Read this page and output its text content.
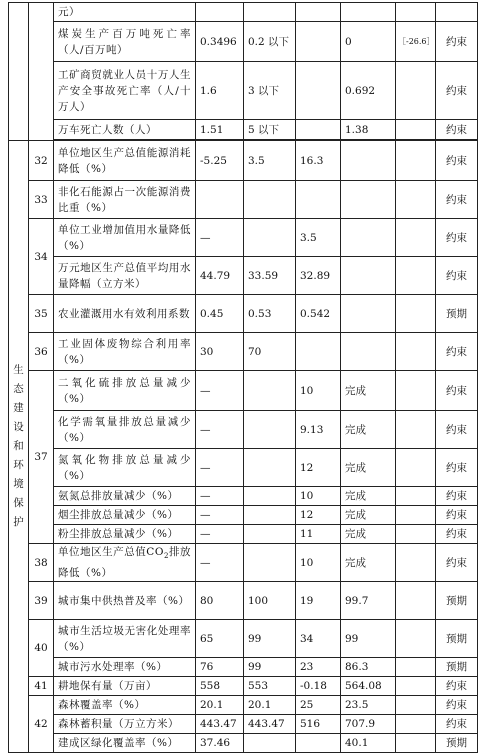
		元）						
		煤炭生产百万吨死亡率（人/百万吨）	0.3496	0.2 以下		0	［-26.6］	约束
		工矿商贸就业人员十万人生产安全事故死亡率（人/十万人）	1.6	3 以下		0.692		约束
		万车死亡人数（人）	1.51	5 以下		1.38		约束

生态建设和环境保护	32	单位地区生产总值能源消耗降低（%）	-5.25	3.5	16.3			约束
	33	非化石能源占一次能源消费比重（%）						约束
	34	单位工业增加值用水量降低（%）	—		3.5			约束
		万元地区生产总值平均用水量降幅（立方米）	44.79	33.59	32.89			约束
	35	农业灌溉用水有效利用系数	0.45	0.53	0.542			预期
	36	工业固体废物综合利用率（%）	30	70				约束
	37	二氧化硫排放总量减少（%）	—		10	完成		约束
		化学需氧量排放总量减少（%）	—		9.13	完成		约束
		氮氧化物排放总量减少（%）	—		12	完成		约束
		氨氮总排放量减少（%）	—		10	完成		约束
		烟尘排放总量减少（%）	—		12	完成		约束
		粉尘排放总量减少（%）	—		11	完成		约束
	38	单位地区生产总值$CO_2$排放降低（%）	—		10	完成		约束
	39	城市集中供热普及率（%）	80	100	19	99.7		预期
	40	城市生活垃圾无害化处理率（%）	65	99	34	99		预期
		城市污水处理率（%）	76	99	23	86.3		预期
	41	耕地保有量（万亩）	558	553	-0.18	564.08		约束
	42	森林覆盖率（%）	20.1	20.1	25	23.5		约束
		森林蓄积量（万立方米）	443.47	443.47	516	707.9		约束
		建成区绿化覆盖率（%）	37.46			40.1		预期
